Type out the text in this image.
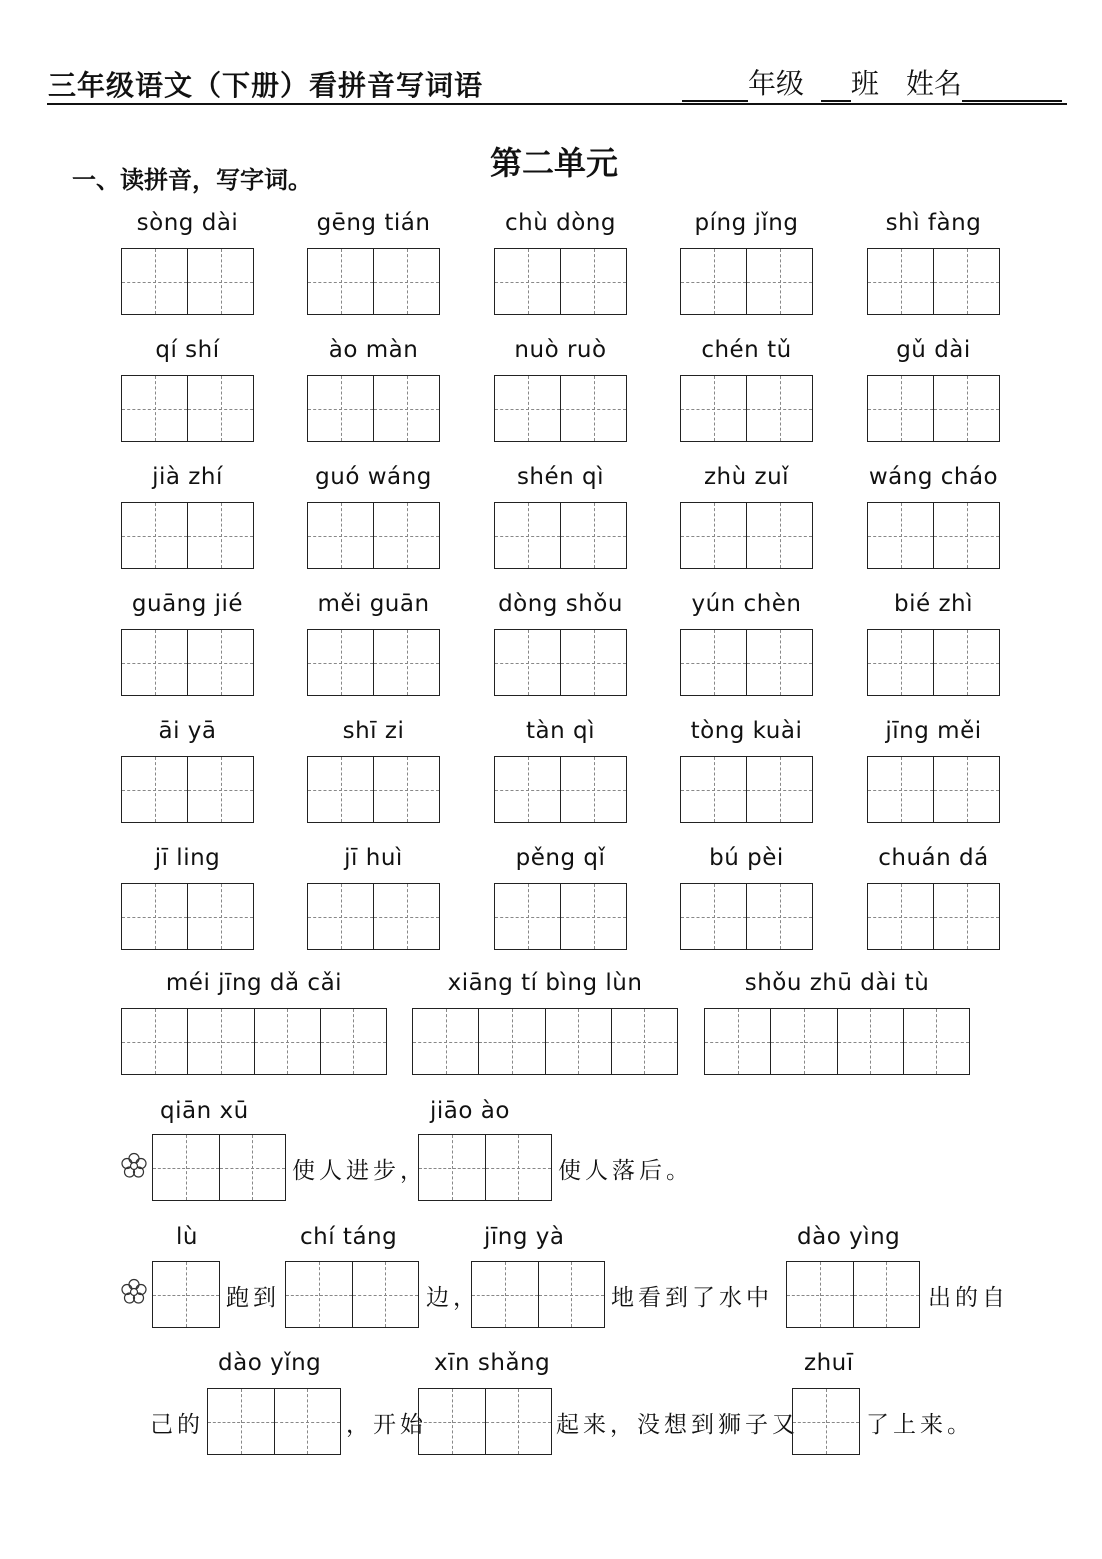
三年级语文（下册）看拼音写词语	年级 班 姓名
第二单元
一、读拼音，写字词。
sòng dài	gēng tián	chù dòng	píng jǐng	shì fàng
qí shí	ào màn	nuò ruò	chén tǔ	gǔ dài
jià zhí	guó wáng	shén qì	zhù zuǐ	wáng cháo
guāng jié	měi guān	dòng shǒu	yún chèn	bié zhì
āi yā	shī zi	tàn qì	tòng kuài	jīng měi
jī ling	jī huì	pěng qǐ	bú pèi	chuán dá
méi jīng dǎ cǎi	xiāng tí bìng lùn	shǒu zhū dài tù
qiān xū
使人进步，
jiāo ào
使人落后。
lù
跑到
chí táng
边，
jīng yà
地看到了水中
dào yìng
出的自
己的
dào yǐng
，开始
xīn shǎng
起来，没想到狮子又
zhuī
了上来。
